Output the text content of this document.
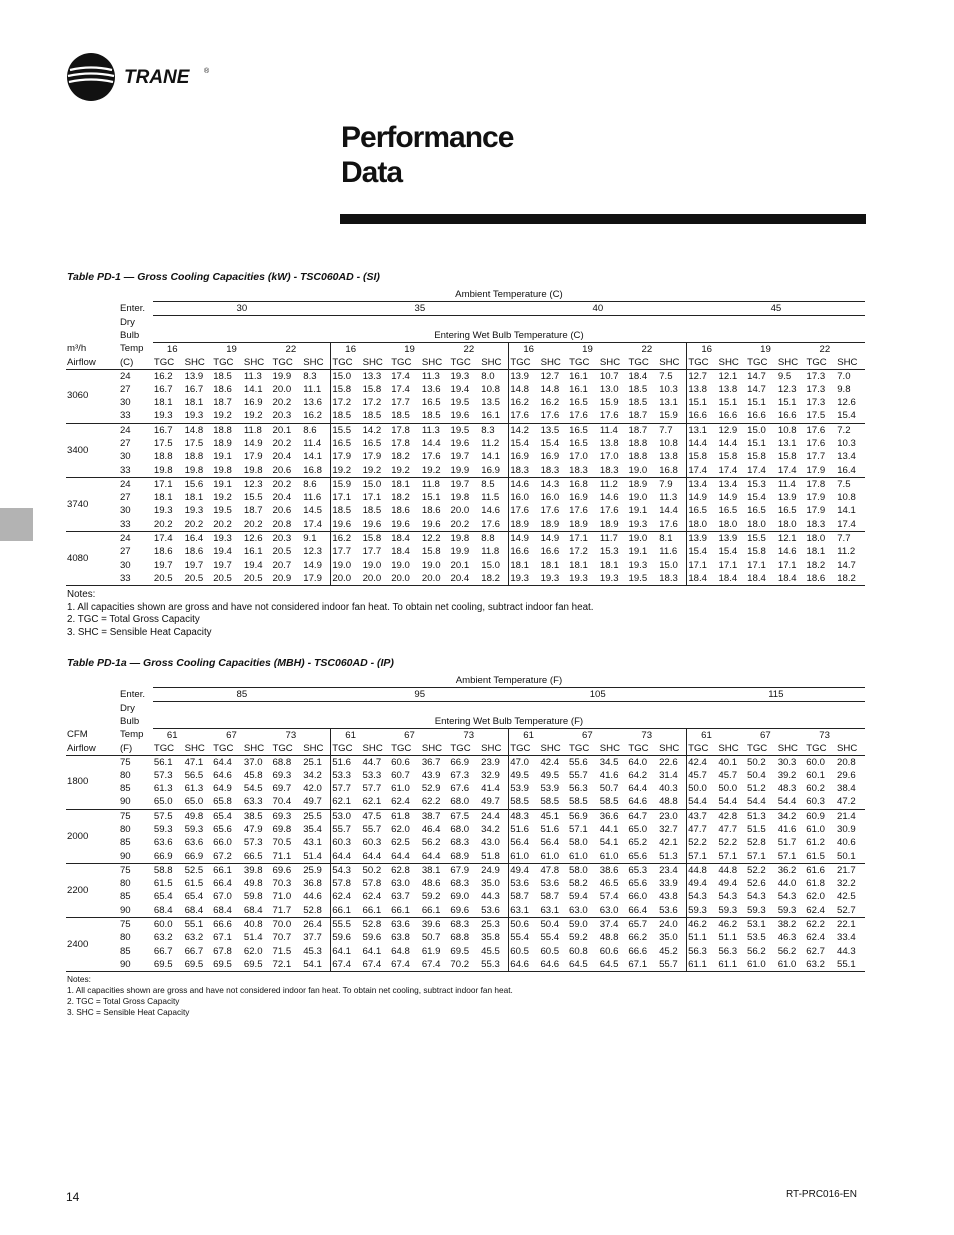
TRANE ®
Performance
Data

Table PD-1 — Gross Cooling Capacities (kW) - TSC060AD - (SI)

		Ambient Temperature (C)																							
	Enter.	30						35						40						45					
	Dry																								
	Bulb	Entering Wet Bulb Temperature (C)																							
m³/h	Temp	16		19		22		16		19		22		16		19		22		16		19		22	
Airflow	(C)	TGC	SHC	TGC	SHC	TGC	SHC	TGC	SHC	TGC	SHC	TGC	SHC	TGC	SHC	TGC	SHC	TGC	SHC	TGC	SHC	TGC	SHC	TGC	SHC
3060	24	16.2	13.9	18.5	11.3	19.9	8.3	15.0	13.3	17.4	11.3	19.3	8.0	13.9	12.7	16.1	10.7	18.4	7.5	12.7	12.1	14.7	9.5	17.3	7.0
	27	16.7	16.7	18.6	14.1	20.0	11.1	15.8	15.8	17.4	13.6	19.4	10.8	14.8	14.8	16.1	13.0	18.5	10.3	13.8	13.8	14.7	12.3	17.3	9.8
	30	18.1	18.1	18.7	16.9	20.2	13.6	17.2	17.2	17.7	16.5	19.5	13.5	16.2	16.2	16.5	15.9	18.5	13.1	15.1	15.1	15.1	15.1	17.3	12.6
	33	19.3	19.3	19.2	19.2	20.3	16.2	18.5	18.5	18.5	18.5	19.6	16.1	17.6	17.6	17.6	17.6	18.7	15.9	16.6	16.6	16.6	16.6	17.5	15.4
3400	24	16.7	14.8	18.8	11.8	20.1	8.6	15.5	14.2	17.8	11.3	19.5	8.3	14.2	13.5	16.5	11.4	18.7	7.7	13.1	12.9	15.0	10.8	17.6	7.2
	27	17.5	17.5	18.9	14.9	20.2	11.4	16.5	16.5	17.8	14.4	19.6	11.2	15.4	15.4	16.5	13.8	18.8	10.8	14.4	14.4	15.1	13.1	17.6	10.3
	30	18.8	18.8	19.1	17.9	20.4	14.1	17.9	17.9	18.2	17.6	19.7	14.1	16.9	16.9	17.0	17.0	18.8	13.8	15.8	15.8	15.8	15.8	17.7	13.4
	33	19.8	19.8	19.8	19.8	20.6	16.8	19.2	19.2	19.2	19.2	19.9	16.9	18.3	18.3	18.3	18.3	19.0	16.8	17.4	17.4	17.4	17.4	17.9	16.4
3740	24	17.1	15.6	19.1	12.3	20.2	8.6	15.9	15.0	18.1	11.8	19.7	8.5	14.6	14.3	16.8	11.2	18.9	7.9	13.4	13.4	15.3	11.4	17.8	7.5
	27	18.1	18.1	19.2	15.5	20.4	11.6	17.1	17.1	18.2	15.1	19.8	11.5	16.0	16.0	16.9	14.6	19.0	11.3	14.9	14.9	15.4	13.9	17.9	10.8
	30	19.3	19.3	19.5	18.7	20.6	14.5	18.5	18.5	18.6	18.6	20.0	14.6	17.6	17.6	17.6	17.6	19.1	14.4	16.5	16.5	16.5	16.5	17.9	14.1
	33	20.2	20.2	20.2	20.2	20.8	17.4	19.6	19.6	19.6	19.6	20.2	17.6	18.9	18.9	18.9	18.9	19.3	17.6	18.0	18.0	18.0	18.0	18.3	17.4
4080	24	17.4	16.4	19.3	12.6	20.3	9.1	16.2	15.8	18.4	12.2	19.8	8.8	14.9	14.9	17.1	11.7	19.0	8.1	13.9	13.9	15.5	12.1	18.0	7.7
	27	18.6	18.6	19.4	16.1	20.5	12.3	17.7	17.7	18.4	15.8	19.9	11.8	16.6	16.6	17.2	15.3	19.1	11.6	15.4	15.4	15.8	14.6	18.1	11.2
	30	19.7	19.7	19.7	19.4	20.7	14.9	19.0	19.0	19.0	19.0	20.1	15.0	18.1	18.1	18.1	18.1	19.3	15.0	17.1	17.1	17.1	17.1	18.2	14.7
	33	20.5	20.5	20.5	20.5	20.9	17.9	20.0	20.0	20.0	20.0	20.4	18.2	19.3	19.3	19.3	19.3	19.5	18.3	18.4	18.4	18.4	18.4	18.6	18.2
Notes:
1. All capacities shown are gross and have not considered indoor fan heat. To obtain net cooling, subtract indoor fan heat.
2. TGC = Total Gross Capacity
3. SHC = Sensible Heat Capacity

Table PD-1a — Gross Cooling Capacities (MBH) - TSC060AD - (IP)

		Ambient Temperature (F)																							
	Enter.	85						95						105						115					
	Dry																								
	Bulb	Entering Wet Bulb Temperature (F)																							
CFM	Temp	61		67		73		61		67		73		61		67		73		61		67		73	
Airflow	(F)	TGC	SHC	TGC	SHC	TGC	SHC	TGC	SHC	TGC	SHC	TGC	SHC	TGC	SHC	TGC	SHC	TGC	SHC	TGC	SHC	TGC	SHC	TGC	SHC
1800	75	56.1	47.1	64.4	37.0	68.8	25.1	51.6	44.7	60.6	36.7	66.9	23.9	47.0	42.4	55.6	34.5	64.0	22.6	42.4	40.1	50.2	30.3	60.0	20.8
	80	57.3	56.5	64.6	45.8	69.3	34.2	53.3	53.3	60.7	43.9	67.3	32.9	49.5	49.5	55.7	41.6	64.2	31.4	45.7	45.7	50.4	39.2	60.1	29.6
	85	61.3	61.3	64.9	54.5	69.7	42.0	57.7	57.7	61.0	52.9	67.6	41.4	53.9	53.9	56.3	50.7	64.4	40.3	50.0	50.0	51.2	48.3	60.2	38.4
	90	65.0	65.0	65.8	63.3	70.4	49.7	62.1	62.1	62.4	62.2	68.0	49.7	58.5	58.5	58.5	58.5	64.6	48.8	54.4	54.4	54.4	54.4	60.3	47.2
2000	75	57.5	49.8	65.4	38.5	69.3	25.5	53.0	47.5	61.8	38.7	67.5	24.4	48.3	45.1	56.9	36.6	64.7	23.0	43.7	42.8	51.3	34.2	60.9	21.4
	80	59.3	59.3	65.6	47.9	69.8	35.4	55.7	55.7	62.0	46.4	68.0	34.2	51.6	51.6	57.1	44.1	65.0	32.7	47.7	47.7	51.5	41.6	61.0	30.9
	85	63.6	63.6	66.0	57.3	70.5	43.1	60.3	60.3	62.5	56.2	68.3	43.0	56.4	56.4	58.0	54.1	65.2	42.1	52.2	52.2	52.8	51.7	61.2	40.6
	90	66.9	66.9	67.2	66.5	71.1	51.4	64.4	64.4	64.4	64.4	68.9	51.8	61.0	61.0	61.0	61.0	65.6	51.3	57.1	57.1	57.1	57.1	61.5	50.1
2200	75	58.8	52.5	66.1	39.8	69.6	25.9	54.3	50.2	62.8	38.1	67.9	24.9	49.4	47.8	58.0	38.6	65.3	23.4	44.8	44.8	52.2	36.2	61.6	21.7
	80	61.5	61.5	66.4	49.8	70.3	36.8	57.8	57.8	63.0	48.6	68.3	35.0	53.6	53.6	58.2	46.5	65.6	33.9	49.4	49.4	52.6	44.0	61.8	32.2
	85	65.4	65.4	67.0	59.8	71.0	44.6	62.4	62.4	63.7	59.2	69.0	44.3	58.7	58.7	59.4	57.4	66.0	43.8	54.3	54.3	54.3	54.3	62.0	42.5
	90	68.4	68.4	68.4	68.4	71.7	52.8	66.1	66.1	66.1	66.1	69.6	53.6	63.1	63.1	63.0	63.0	66.4	53.6	59.3	59.3	59.3	59.3	62.4	52.7
2400	75	60.0	55.1	66.6	40.8	70.0	26.4	55.5	52.8	63.6	39.6	68.3	25.3	50.6	50.4	59.0	37.4	65.7	24.0	46.2	46.2	53.1	38.2	62.2	22.1
	80	63.2	63.2	67.1	51.4	70.7	37.7	59.6	59.6	63.8	50.7	68.8	35.8	55.4	55.4	59.2	48.8	66.2	35.0	51.1	51.1	53.5	46.3	62.4	33.4
	85	66.7	66.7	67.8	62.0	71.5	45.3	64.1	64.1	64.8	61.9	69.5	45.5	60.5	60.5	60.8	60.6	66.6	45.2	56.3	56.3	56.2	56.2	62.7	44.3
	90	69.5	69.5	69.5	69.5	72.1	54.1	67.4	67.4	67.4	67.4	70.2	55.3	64.6	64.6	64.5	64.5	67.1	55.7	61.1	61.1	61.0	61.0	63.2	55.1
Notes:
1. All capacities shown are gross and have not considered indoor fan heat. To obtain net cooling, subtract indoor fan heat.
2. TGC = Total Gross Capacity
3. SHC = Sensible Heat Capacity
14	RT-PRC016-EN
